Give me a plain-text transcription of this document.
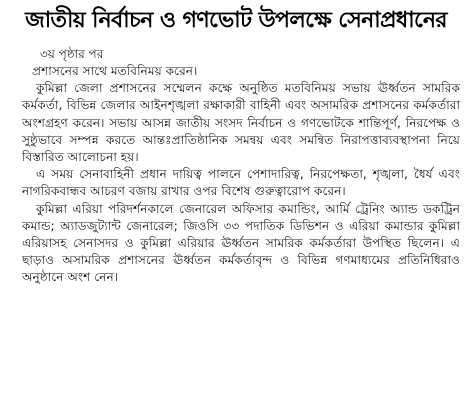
জাতীয় নির্বাচন ও গণভোট উপলক্ষে সেনাপ্রধানের
৩য় পৃষ্ঠার পর

প্রশাসনের সাথে মতবিনিময় করেন।

কুমিল্লা জেলা প্রশাসনের সম্মেলন কক্ষে অনুষ্ঠিত মতবিনিময় সভায় ঊর্ধ্বতন সামরিক কর্মকর্তা, বিভিন্ন জেলার আইনশৃঙ্খলা রক্ষাকারী বাহিনী এবং অসামরিক প্রশাসনের কর্মকর্তারা অংশগ্রহণ করেন। সভায় আসন্ন জাতীয় সংসদ নির্বাচন ও গণভোটকে শান্তিপূর্ণ, নিরপেক্ষ ও সুষ্ঠুভাবে সম্পন্ন করতে আন্তঃপ্রাতিষ্ঠানিক সমন্বয় এবং সমন্বিত নিরাপত্তাব্যবস্থাপনা নিয়ে বিস্তারিত আলোচনা হয়।

এ সময় সেনাবাহিনী প্রধান দায়িত্ব পালনে পেশাদারিত্ব, নিরপেক্ষতা, শৃঙ্খলা, ধৈর্য এবং নাগরিকবান্ধব আচরণ বজায় রাখার ওপর বিশেষ গুরুত্বারোপ করেন।

কুমিল্লা এরিয়া পরিদর্শনকালে জেনারেল অফিসার কমান্ডিং, আর্মি ট্রেনিং অ্যান্ড ডকট্রিন কমান্ড; অ্যাডজুট্যান্ট জেনারেল; জিওসি ৩৩ পদাতিক ডিভিশন ও এরিয়া কমান্ডার কুমিল্লা এরিয়াসহ সেনাসদর ও কুমিল্লা এরিয়ার ঊর্ধ্বতন সামরিক কর্মকর্তারা উপস্থিত ছিলেন। এ ছাড়াও অসামরিক প্রশাসনের ঊর্ধ্বতন কর্মকর্তাবৃন্দ ও বিভিন্ন গণমাধ্যমের প্রতিনিধিরাও অনুষ্ঠানে অংশ নেন।
